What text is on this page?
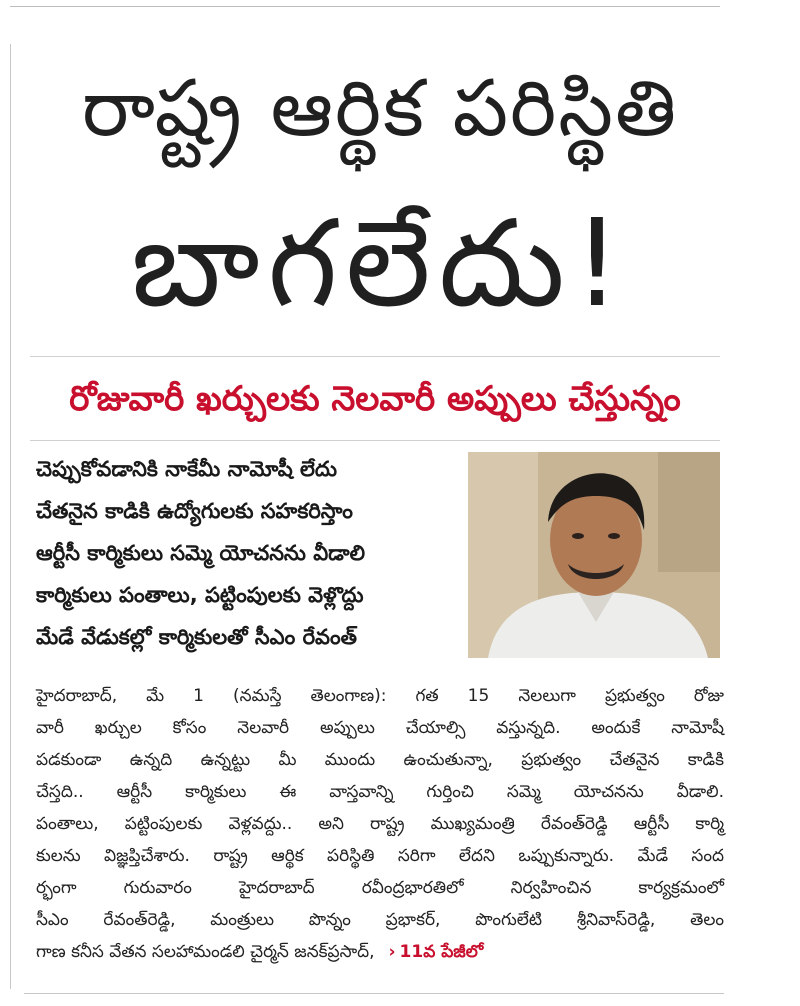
రాష్ట్ర ఆర్థిక పరిస్థితి
బాగలేదు!
రోజువారీ ఖర్చులకు నెలవారీ అప్పులు చేస్తున్నం
చెప్పుకోవడానికి నాకేమీ నామోషీ లేదు
చేతనైన కాడికి ఉద్యోగులకు సహకరిస్తాం
ఆర్టీసీ కార్మికులు సమ్మె యోచనను వీడాలి
కార్మికులు పంతాలు, పట్టింపులకు వెళ్లొద్దు
మేడే వేడుకల్లో కార్మికులతో సీఎం రేవంత్
హైదరాబాద్, మే 1 (నమస్తే తెలంగాణ): గత 15 నెలలుగా ప్రభుత్వం రోజు
వారీ ఖర్చుల కోసం నెలవారీ అప్పులు చేయాల్సి వస్తున్నది. అందుకే నామోషీ
పడకుండా ఉన్నది ఉన్నట్టు మీ ముందు ఉంచుతున్నా, ప్రభుత్వం చేతనైన కాడికి
చేస్తది.. ఆర్టీసీ కార్మికులు ఈ వాస్తవాన్ని గుర్తించి సమ్మె యోచనను వీడాలి.
పంతాలు, పట్టింపులకు వెళ్లవద్దు.. అని రాష్ట్ర ముఖ్యమంత్రి రేవంత్‌రెడ్డి ఆర్టీసీ కార్మి
కులను విజ్ఞప్తిచేశారు. రాష్ట్ర ఆర్థిక పరిస్థితి సరిగా లేదని ఒప్పుకున్నారు. మేడే సంద
ర్భంగా గురువారం హైదరాబాద్ రవీంద్రభారతిలో నిర్వహించిన కార్యక్రమంలో
సీఎం రేవంత్‌రెడ్డి, మంత్రులు పొన్నం ప్రభాకర్, పొంగులేటి శ్రీనివాస్‌రెడ్డి, తెలం
గాణ కనీస వేతన సలహామండలి చైర్మన్ జనక్‌ప్రసాద్, › 11వ పేజీలో
